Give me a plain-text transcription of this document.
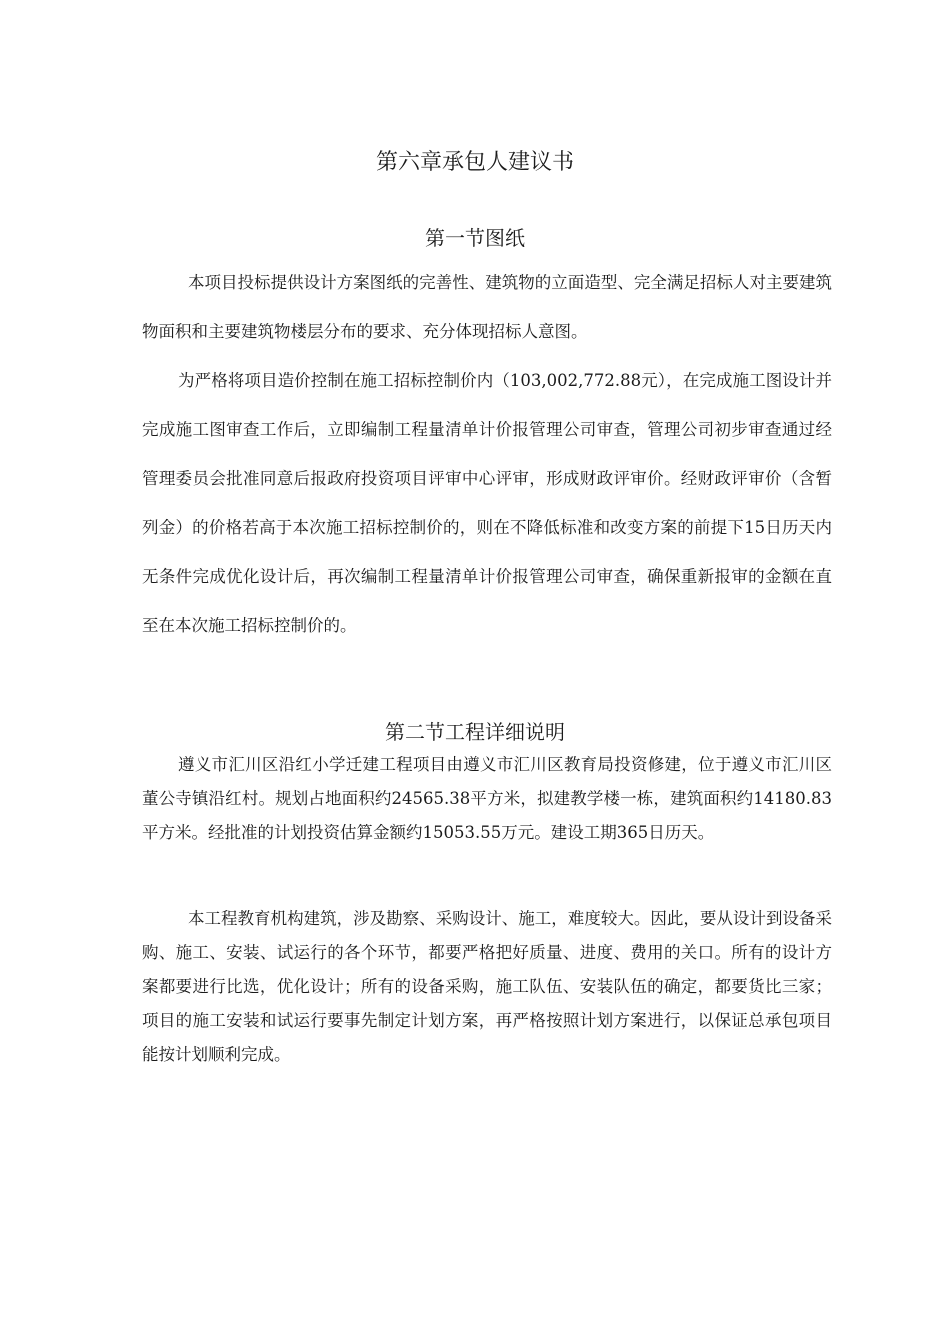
第六章承包人建议书
第一节图纸

本项目投标提供设计方案图纸的完善性、建筑物的立面造型、完全满足招标人对主要建筑物面积和主要建筑物楼层分布的要求、充分体现招标人意图。

为严格将项目造价控制在施工招标控制价内（103,002,772.88元），在完成施工图设计并完成施工图审查工作后，立即编制工程量清单计价报管理公司审查，管理公司初步审查通过经管理委员会批准同意后报政府投资项目评审中心评审，形成财政评审价。经财政评审价（含暂列金）的价格若高于本次施工招标控制价的，则在不降低标准和改变方案的前提下15日历天内无条件完成优化设计后，再次编制工程量清单计价报管理公司审查，确保重新报审的金额在直至在本次施工招标控制价的。

第二节工程详细说明

遵义市汇川区沿红小学迁建工程项目由遵义市汇川区教育局投资修建，位于遵义市汇川区董公寺镇沿红村。规划占地面积约24565.38平方米，拟建教学楼一栋，建筑面积约14180.83平方米。经批准的计划投资估算金额约15053.55万元。建设工期365日历天。

本工程教育机构建筑，涉及勘察、采购设计、施工，难度较大。因此，要从设计到设备采购、施工、安装、试运行的各个环节，都要严格把好质量、进度、费用的关口。所有的设计方案都要进行比选，优化设计；所有的设备采购，施工队伍、安装队伍的确定，都要货比三家；项目的施工安装和试运行要事先制定计划方案，再严格按照计划方案进行，以保证总承包项目能按计划顺利完成。
